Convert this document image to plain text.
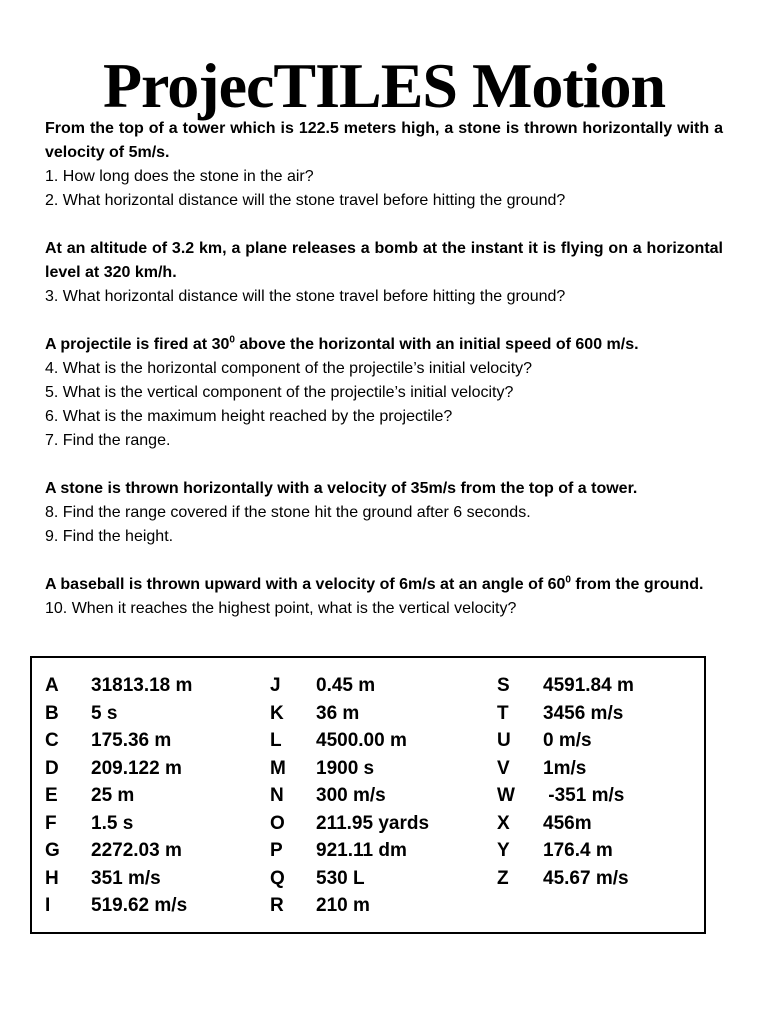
ProjecTILES Motion
From the top of a tower which is 122.5 meters high, a stone is thrown horizontally with a velocity of 5m/s.
1. How long does the stone in the air?
2. What horizontal distance will the stone travel before hitting the ground?
At an altitude of 3.2 km, a plane releases a bomb at the instant it is flying on a horizontal level at 320 km/h.
3. What horizontal distance will the stone travel before hitting the ground?
A projectile is fired at $30^0$ above the horizontal with an initial speed of 600 m/s.
4. What is the horizontal component of the projectile’s initial velocity?
5. What is the vertical component of the projectile’s initial velocity?
6. What is the maximum height reached by the projectile?
7. Find the range.
A stone is thrown horizontally with a velocity of 35m/s from the top of a tower.
8. Find the range covered if the stone hit the ground after 6 seconds.
9. Find the height.
A baseball is thrown upward with a velocity of 6m/s at an angle of $60^0$ from the ground.
10. When it reaches the highest point, what is the vertical velocity?
A 31813.18 m
B 5 s
C 175.36 m
D 209.122 m
E 25 m
F 1.5 s
G 2272.03 m
H 351 m/s
I 519.62 m/s
J 0.45 m
K 36 m
L 4500.00 m
M 1900 s
N 300 m/s
O 211.95 yards
P 921.11 dm
Q 530 L
R 210 m
S 4591.84 m
T 3456 m/s
U 0 m/s
V 1m/s
W -351 m/s
X 456m
Y 176.4 m
Z 45.67 m/s
